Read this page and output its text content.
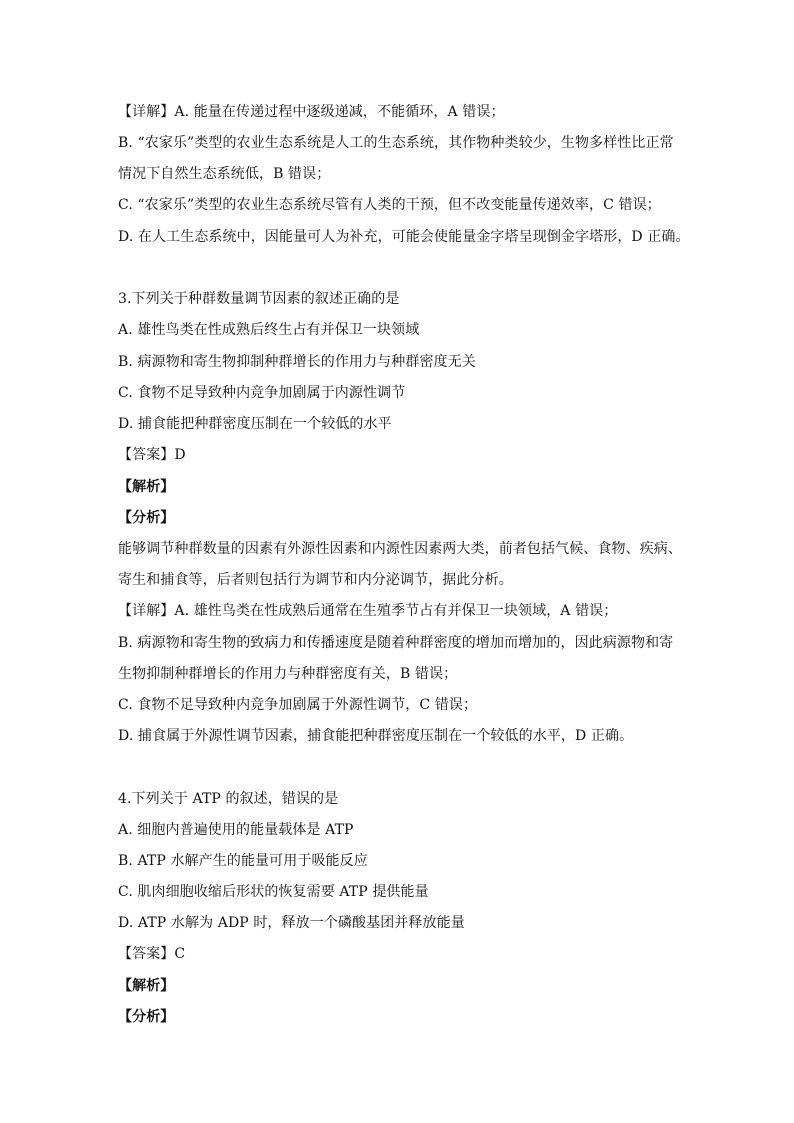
【详解】A. 能量在传递过程中逐级递减，不能循环，A 错误；
B. “农家乐”类型的农业生态系统是人工的生态系统，其作物种类较少，生物多样性比正常
情况下自然生态系统低，B 错误；
C. “农家乐”类型的农业生态系统尽管有人类的干预，但不改变能量传递效率，C 错误；
D. 在人工生态系统中，因能量可人为补充，可能会使能量金字塔呈现倒金字塔形，D 正确。
3.下列关于种群数量调节因素的叙述正确的是
A. 雄性鸟类在性成熟后终生占有并保卫一块领域
B. 病源物和寄生物抑制种群增长的作用力与种群密度无关
C. 食物不足导致种内竞争加剧属于内源性调节
D. 捕食能把种群密度压制在一个较低的水平
【答案】D
【解析】
【分析】
能够调节种群数量的因素有外源性因素和内源性因素两大类，前者包括气候、食物、疾病、
寄生和捕食等，后者则包括行为调节和内分泌调节，据此分析。
【详解】A. 雄性鸟类在性成熟后通常在生殖季节占有并保卫一块领域，A 错误；
B. 病源物和寄生物的致病力和传播速度是随着种群密度的增加而增加的，因此病源物和寄
生物抑制种群增长的作用力与种群密度有关，B 错误；
C. 食物不足导致种内竞争加剧属于外源性调节，C 错误；
D. 捕食属于外源性调节因素，捕食能把种群密度压制在一个较低的水平，D 正确。
4.下列关于 ATP 的叙述，错误的是
A. 细胞内普遍使用的能量载体是 ATP
B. ATP 水解产生的能量可用于吸能反应
C. 肌肉细胞收缩后形状的恢复需要 ATP 提供能量
D. ATP 水解为 ADP 时，释放一个磷酸基团并释放能量
【答案】C
【解析】
【分析】
